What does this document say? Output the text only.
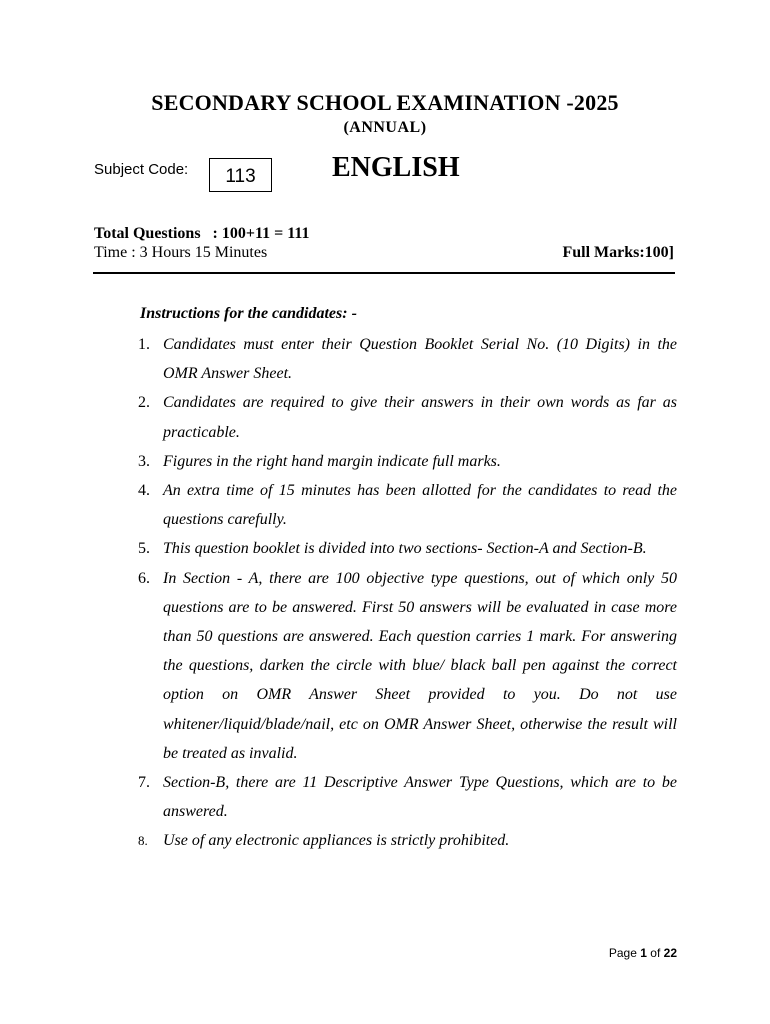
SECONDARY SCHOOL EXAMINATION -2025
(ANNUAL)
Subject Code:	113	ENGLISH
Total Questions : 100+11 = 111
Time : 3 Hours 15 Minutes	Full Marks:100]
Instructions for the candidates: -
1. Candidates must enter their Question Booklet Serial No. (10 Digits) in the OMR Answer Sheet.
2. Candidates are required to give their answers in their own words as far as practicable.
3. Figures in the right hand margin indicate full marks.
4. An extra time of 15 minutes has been allotted for the candidates to read the questions carefully.
5. This question booklet is divided into two sections- Section-A and Section-B.
6. In Section - A, there are 100 objective type questions, out of which only 50 questions are to be answered. First 50 answers will be evaluated in case more than 50 questions are answered. Each question carries 1 mark. For answering the questions, darken the circle with blue/ black ball pen against the correct option on OMR Answer Sheet provided to you. Do not use whitener/liquid/blade/nail, etc on OMR Answer Sheet, otherwise the result will be treated as invalid.
7. Section-B, there are 11 Descriptive Answer Type Questions, which are to be answered.
8. Use of any electronic appliances is strictly prohibited.
Page 1 of 22
